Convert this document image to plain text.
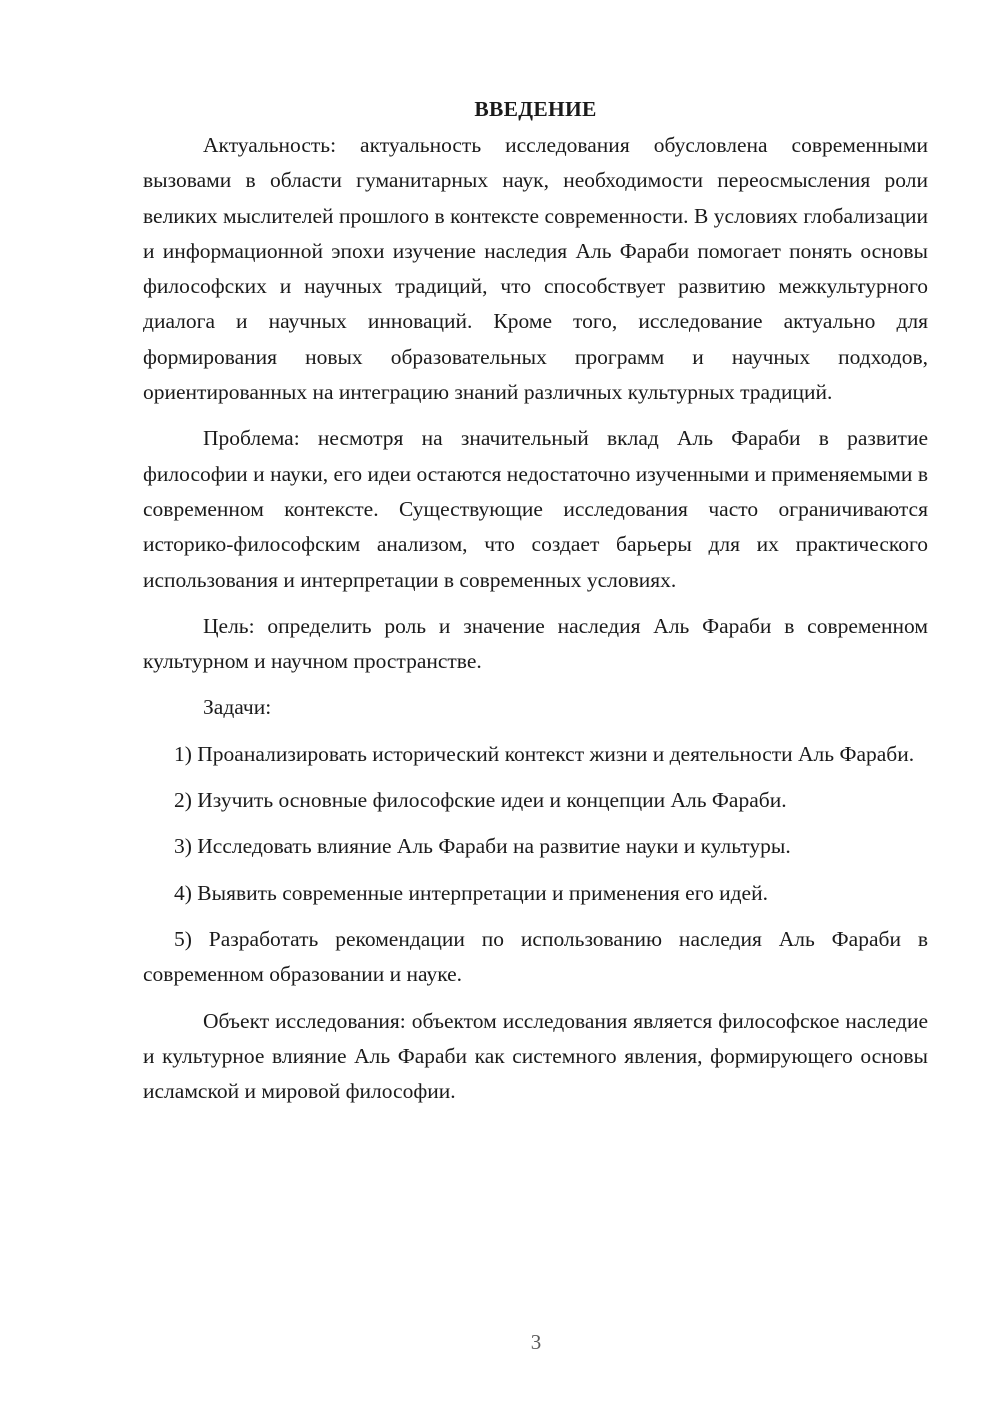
ВВЕДЕНИЕ

Актуальность: актуальность исследования обусловлена современными вызовами в области гуманитарных наук, необходимости переосмысления роли великих мыслителей прошлого в контексте современности. В условиях глобализации и информационной эпохи изучение наследия Аль Фараби помогает понять основы философских и научных традиций, что способствует развитию межкультурного диалога и научных инноваций. Кроме того, исследование актуально для формирования новых образовательных программ и научных подходов, ориентированных на интеграцию знаний различных культурных традиций.

Проблема: несмотря на значительный вклад Аль Фараби в развитие философии и науки, его идеи остаются недостаточно изученными и применяемыми в современном контексте. Существующие исследования часто ограничиваются историко-философским анализом, что создает барьеры для их практического использования и интерпретации в современных условиях.

Цель: определить роль и значение наследия Аль Фараби в современном культурном и научном пространстве.

Задачи:

1) Проанализировать исторический контекст жизни и деятельности Аль Фараби.

2) Изучить основные философские идеи и концепции Аль Фараби.

3) Исследовать влияние Аль Фараби на развитие науки и культуры.

4) Выявить современные интерпретации и применения его идей.

5) Разработать рекомендации по использованию наследия Аль Фараби в современном образовании и науке.

Объект исследования: объектом исследования является философское наследие и культурное влияние Аль Фараби как системного явления, формирующего основы исламской и мировой философии.

3
